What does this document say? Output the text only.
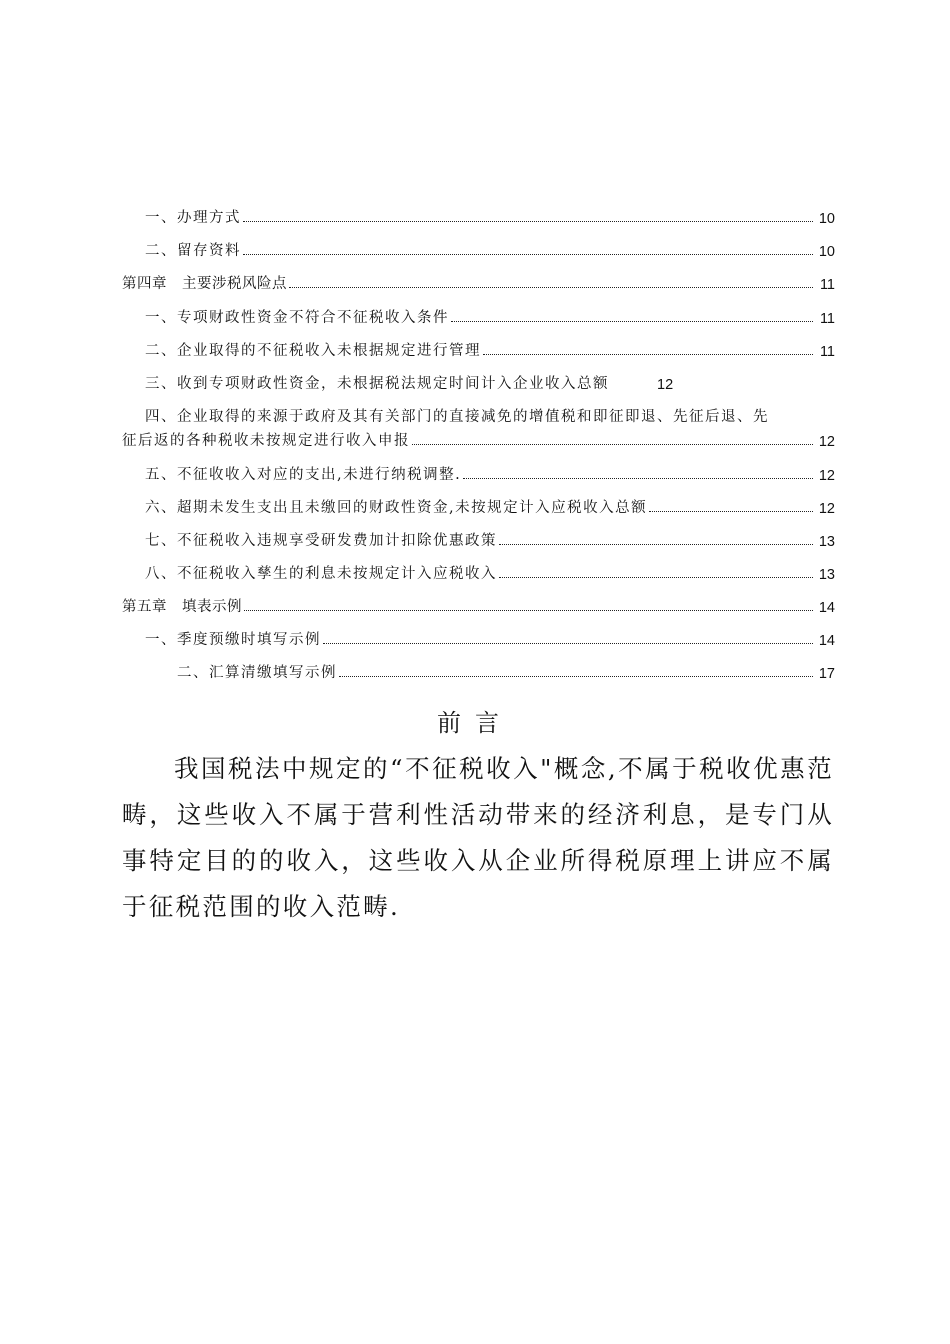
一、办理方式	10
二、留存资料	10
第四章　主要涉税风险点	11
一、专项财政性资金不符合不征税收入条件	11
二、企业取得的不征税收入未根据规定进行管理	11
三、收到专项财政性资金，未根据税法规定时间计入企业收入总额	12
四、企业取得的来源于政府及其有关部门的直接减免的增值税和即征即退、先征后退、先
征后返的各种税收未按规定进行收入申报	12
五、不征收收入对应的支出,未进行纳税调整.	12
六、超期未发生支出且未缴回的财政性资金,未按规定计入应税收入总额	12
七、不征税收入违规享受研发费加计扣除优惠政策	13
八、不征税收入孳生的利息未按规定计入应税收入	13
第五章　填表示例	14
一、季度预缴时填写示例	14
二、汇算清缴填写示例	17
前言
我国税法中规定的“不征税收入"概念,不属于税收优惠范畴，这些收入不属于营利性活动带来的经济利息，是专门从事特定目的的收入，这些收入从企业所得税原理上讲应不属于征税范围的收入范畴.
